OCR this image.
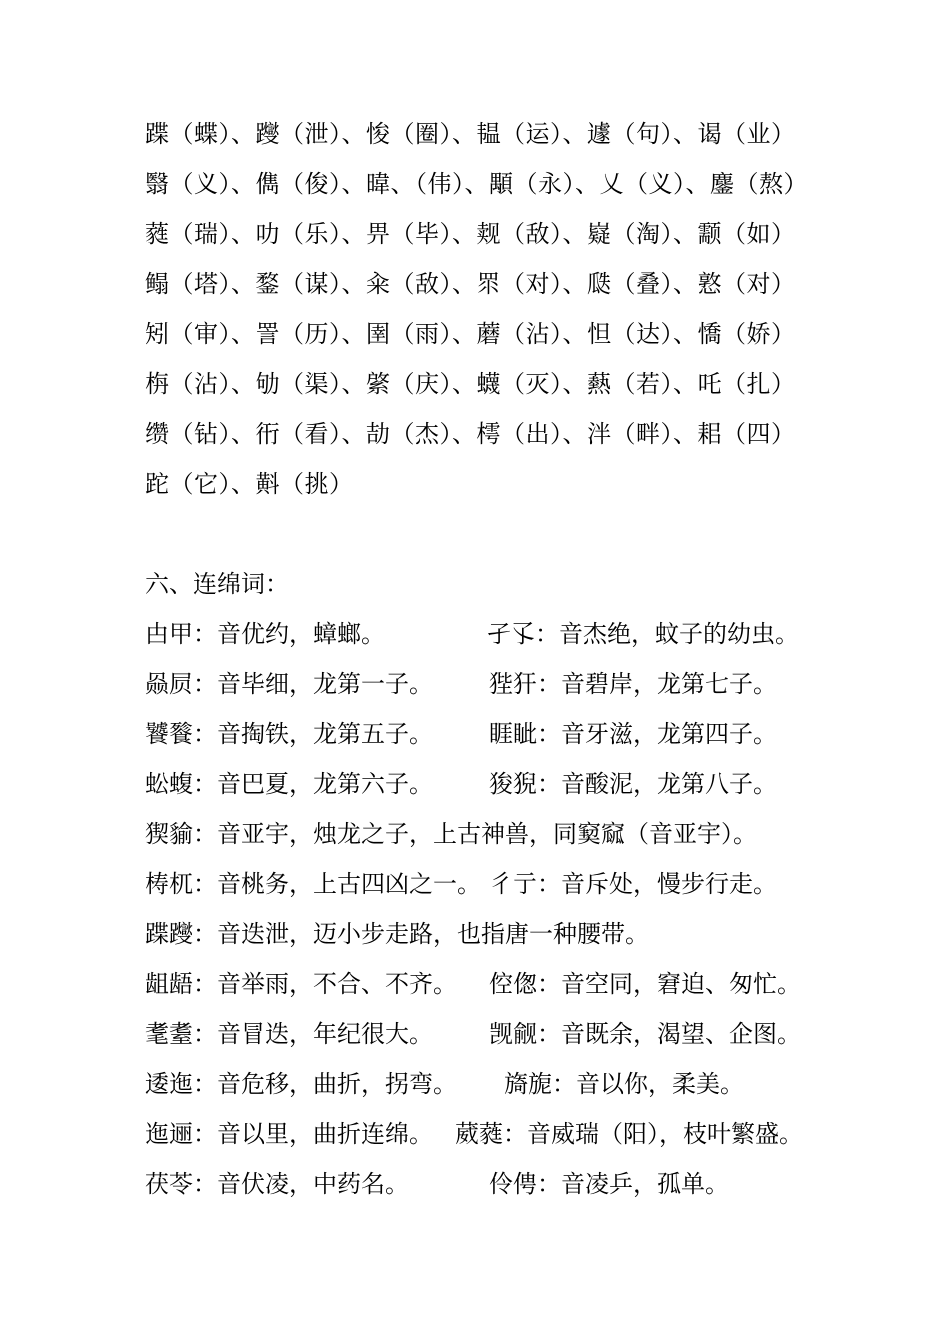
蹀（蝶）、躞（泄）、悛（圈）、韫（运）、遽（句）、谒（业）
翳（义）、儁（俊）、暐、（伟）、顒（永）、乂（义）、鏖（熬）
蕤（瑞）、叻（乐）、畀（毕）、觌（敌）、嶷（淘）、颥（如）
鳎（塔）、鍪（谋）、籴（敌）、眔（对）、瓞（叠）、憝（对）
矧（审）、詈（历）、圉（雨）、蘑（沾）、怛（达）、憍（娇）
栴（沾）、劬（渠）、綮（庆）、蠛（灭）、爇（若）、吒（扎）
缵（钻）、衎（看）、劼（杰）、樗（出）、泮（畔）、耜（四）
跎（它）、斢（挑）
六、连绵词：
甴甲：音优约，蟑螂。	孑孓：音杰绝，蚊子的幼虫。
赑屃：音毕细，龙第一子。 狴犴：音碧岸，龙第七子。
饕餮：音掏铁，龙第五子。 睚眦：音牙滋，龙第四子。
蚣蝮：音巴夏，龙第六子。 狻猊：音酸泥，龙第八子。
猰貐：音亚宇，烛龙之子，上古神兽，同窫窳（音亚宇）。
梼杌：音桃务，上古四凶之一。 彳亍：音斥处，慢步行走。
蹀躞：音迭泄，迈小步走路，也指唐一种腰带。
龃龉：音举雨，不合、不齐。 倥偬：音空同，窘迫、匆忙。
耄耋：音冒迭，年纪很大。 觊觎：音既余，渴望、企图。
逶迤：音危移，曲折，拐弯。 旖旎：音以你，柔美。
迤逦：音以里，曲折连绵。 葳蕤：音威瑞（阳），枝叶繁盛。
茯苓：音伏凌，中药名。	伶俜：音凌乒，孤单。
